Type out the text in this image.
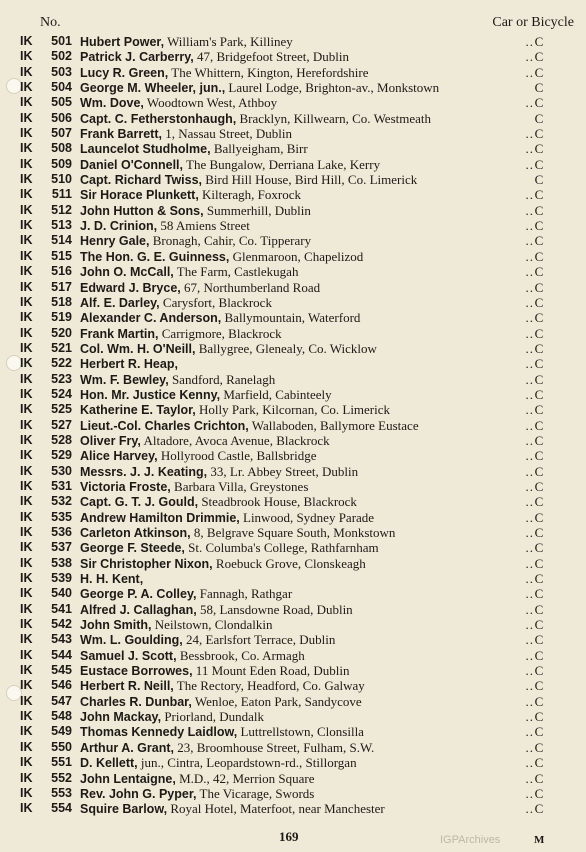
No.	Car or Bicycle
IK	501 Hubert Power, William's Park, Killiney	.. C
IK	502 Patrick J. Carberry, 47, Bridgefoot Street, Dublin	.. C
IK	503 Lucy R. Green, The Whittern, Kington, Herefordshire	.. C
IK	504 George M. Wheeler, jun., Laurel Lodge, Brighton-av., Monkstown	C
IK	505 Wm. Dove, Woodtown West, Athboy	.. C
IK	506 Capt. C. Fetherstonhaugh, Bracklyn, Killwearn, Co. Westmeath	C
IK	507 Frank Barrett, 1, Nassau Street, Dublin	.. C
IK	508 Launcelot Studholme, Ballyeigham, Birr	.. C
IK	509 Daniel O'Connell, The Bungalow, Derriana Lake, Kerry	.. C
IK	510 Capt. Richard Twiss, Bird Hill House, Bird Hill, Co. Limerick	C
IK	511 Sir Horace Plunkett, Kilteragh, Foxrock	.. C
IK	512 John Hutton & Sons, Summerhill, Dublin	.. C
IK	513 J. D. Crinion, 58 Amiens Street	.. C
IK	514 Henry Gale, Bronagh, Cahir, Co. Tipperary	.. C
IK	515 The Hon. G. E. Guinness, Glenmaroon, Chapelizod	.. C
IK	516 John O. McCall, The Farm, Castlekugah	.. C
IK	517 Edward J. Bryce, 67, Northumberland Road	.. C
IK	518 Alf. E. Darley, Carysfort, Blackrock	.. C
IK	519 Alexander C. Anderson, Ballymountain, Waterford	.. C
IK	520 Frank Martin, Carrigmore, Blackrock	.. C
IK	521 Col. Wm. H. O'Neill, Ballygree, Glenealy, Co. Wicklow	.. C
IK	522 Herbert R. Heap,	.. C
IK	523 Wm. F. Bewley, Sandford, Ranelagh	.. C
IK	524 Hon. Mr. Justice Kenny, Marfield, Cabinteely	.. C
IK	525 Katherine E. Taylor, Holly Park, Kilcornan, Co. Limerick	.. C
IK	527 Lieut.-Col. Charles Crichton, Wallaboden, Ballymore Eustace	.. C
IK	528 Oliver Fry, Altadore, Avoca Avenue, Blackrock	.. C
IK	529 Alice Harvey, Hollyrood Castle, Ballsbridge	.. C
IK	530 Messrs. J. J. Keating, 33, Lr. Abbey Street, Dublin	.. C
IK	531 Victoria Froste, Barbara Villa, Greystones	.. C
IK	532 Capt. G. T. J. Gould, Steadbrook House, Blackrock	.. C
IK	535 Andrew Hamilton Drimmie, Linwood, Sydney Parade	.. C
IK	536 Carleton Atkinson, 8, Belgrave Square South, Monkstown	.. C
IK	537 George F. Steede, St. Columba's College, Rathfarnham	.. C
IK	538 Sir Christopher Nixon, Roebuck Grove, Clonskeagh	.. C
IK	539 H. H. Kent,	.. C
IK	540 George P. A. Colley, Fannagh, Rathgar	.. C
IK	541 Alfred J. Callaghan, 58, Lansdowne Road, Dublin	.. C
IK	542 John Smith, Neilstown, Clondalkin	.. C
IK	543 Wm. L. Goulding, 24, Earlsfort Terrace, Dublin	.. C
IK	544 Samuel J. Scott, Bessbrook, Co. Armagh	.. C
IK	545 Eustace Borrowes, 11 Mount Eden Road, Dublin	.. C
IK	546 Herbert R. Neill, The Rectory, Headford, Co. Galway	.. C
IK	547 Charles R. Dunbar, Wenloe, Eaton Park, Sandycove	.. C
IK	548 John Mackay, Priorland, Dundalk	.. C
IK	549 Thomas Kennedy Laidlow, Luttrellstown, Clonsilla	.. C
IK	550 Arthur A. Grant, 23, Broomhouse Street, Fulham, S.W.	.. C
IK	551 D. Kellett, jun., Cintra, Leopardstown-rd., Stillorgan	.. C
IK	552 John Lentaigne, M.D., 42, Merrion Square	.. C
IK	553 Rev. John G. Pyper, The Vicarage, Swords	.. C
IK	554 Squire Barlow, Royal Hotel, Materfoot, near Manchester	.. C
169	IGPArchives	M
